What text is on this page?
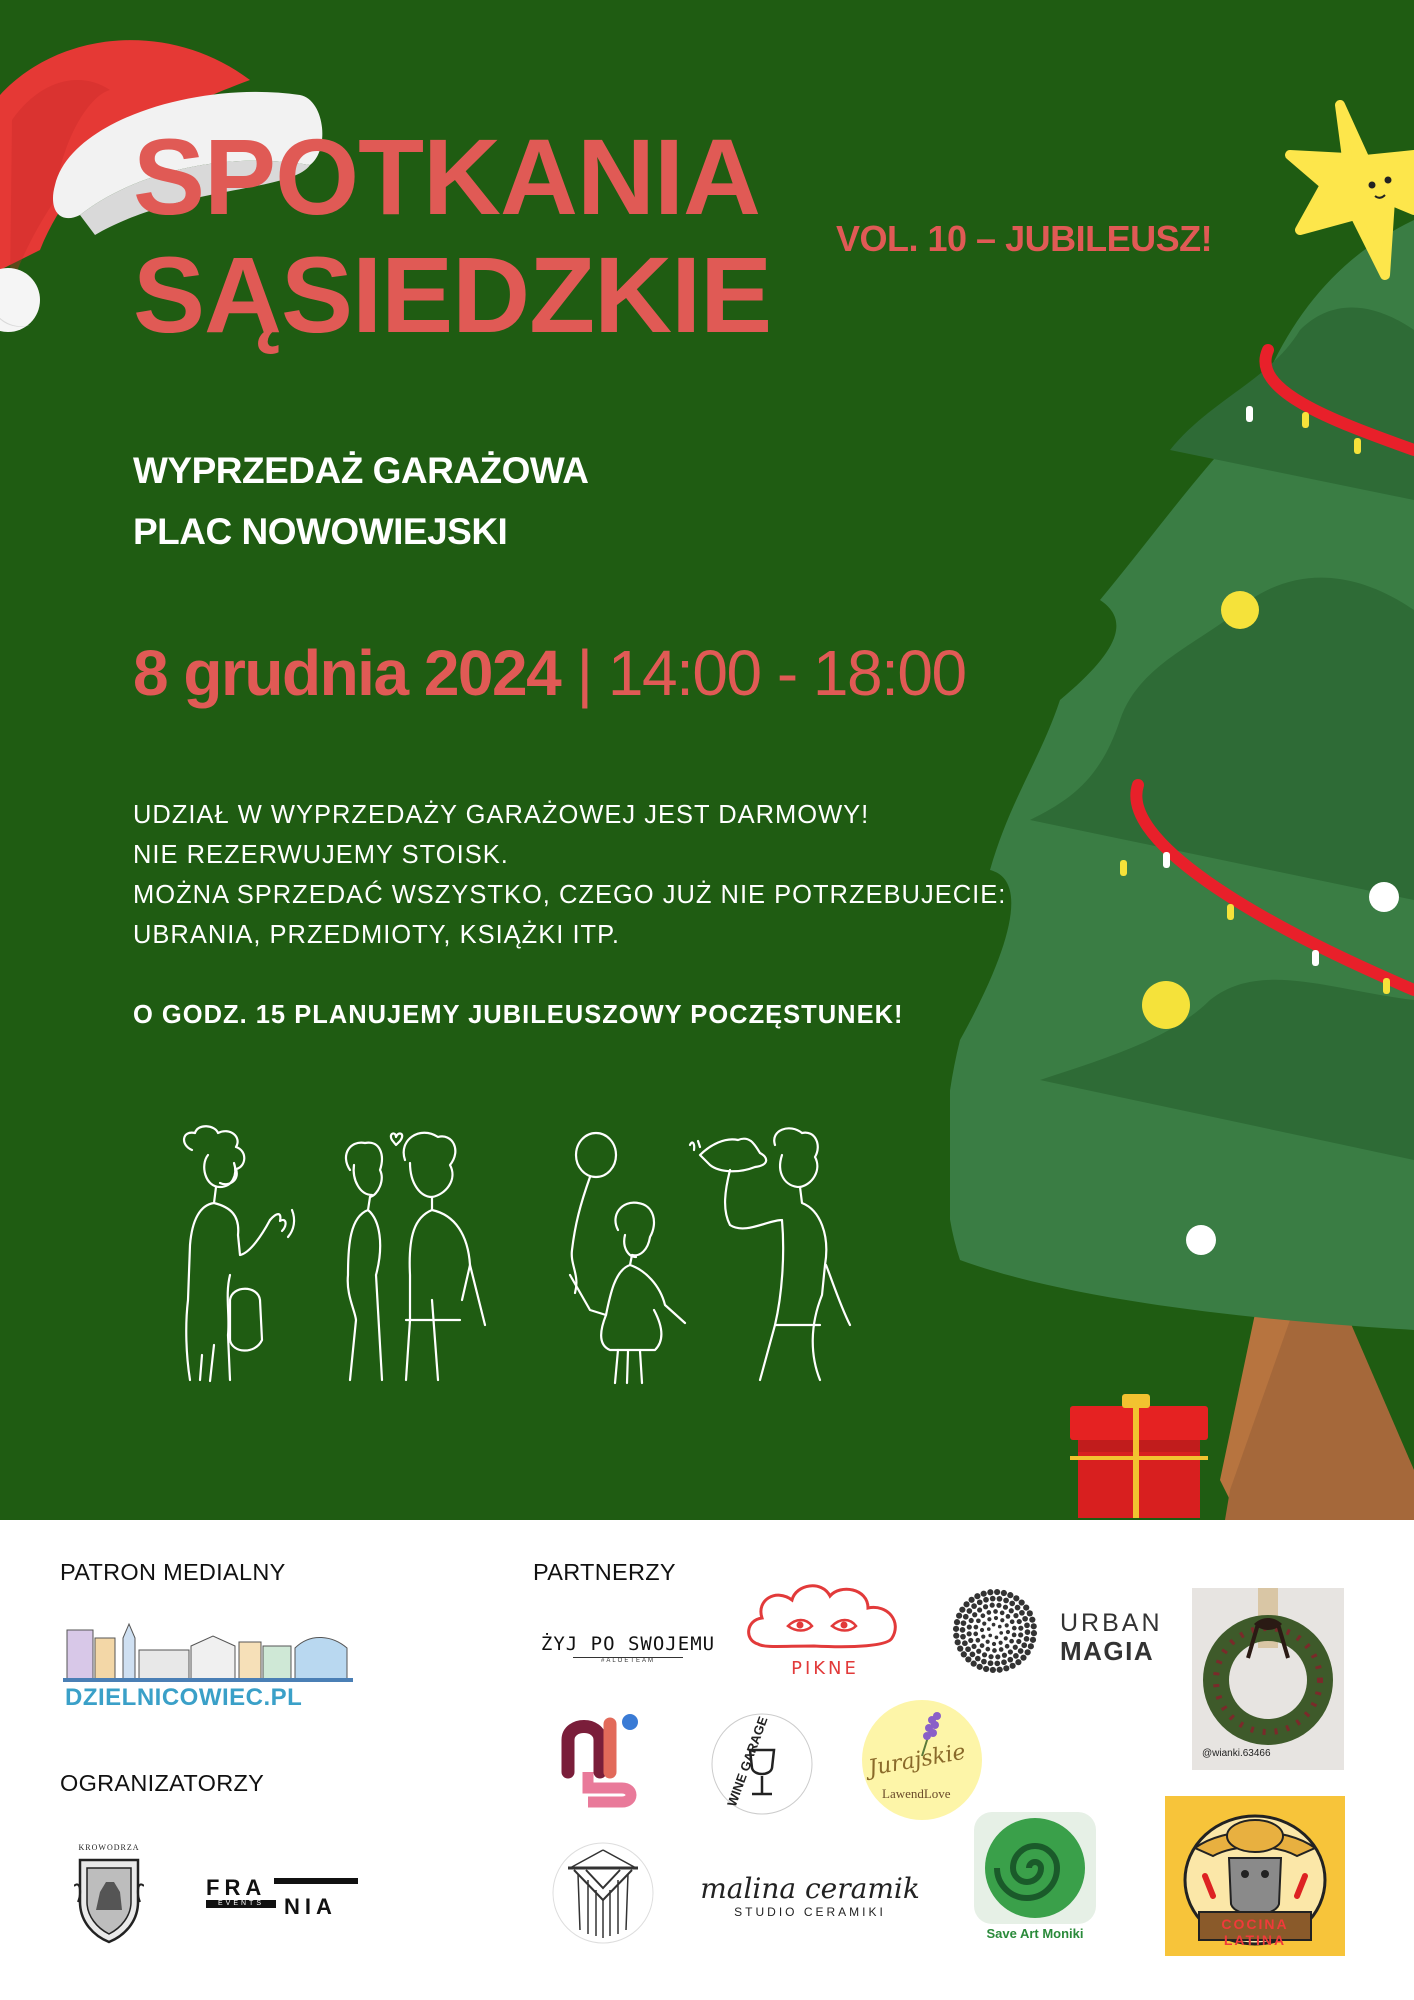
SPOTKANIA
SĄSIEDZKIE VOL. 10 – JUBILEUSZ!
WYPRZEDAŻ GARAŻOWA
PLAC NOWOWIEJSKI
8 grudnia 2024 | 14:00 - 18:00
UDZIAŁ W WYPRZEDAŻY GARAŻOWEJ JEST DARMOWY!
NIE REZERWUJEMY STOISK.
MOŻNA SPRZEDAĆ WSZYSTKO, CZEGO JUŻ NIE POTRZEBUJECIE:
UBRANIA, PRZEDMIOTY, KSIĄŻKI ITP.
O GODZ. 15 PLANUJEMY JUBILEUSZOWY POCZĘSTUNEK!
PATRON MEDIALNY
OGRANIZATORZY
PARTNERZY
DZIELNICOWIEC.PL
KROWODRZA
FRA
EVENTS NIA
ŻYJ PO SWOJEMU
#ALOETEAM	PIKNE
URBAN
MAGIA
@wianki.63466
WINE GARAGE	Jurajskie
LawendLove
malina ceramik
STUDIO CERAMIKI
Save Art Moniki
COCINA LATINA
